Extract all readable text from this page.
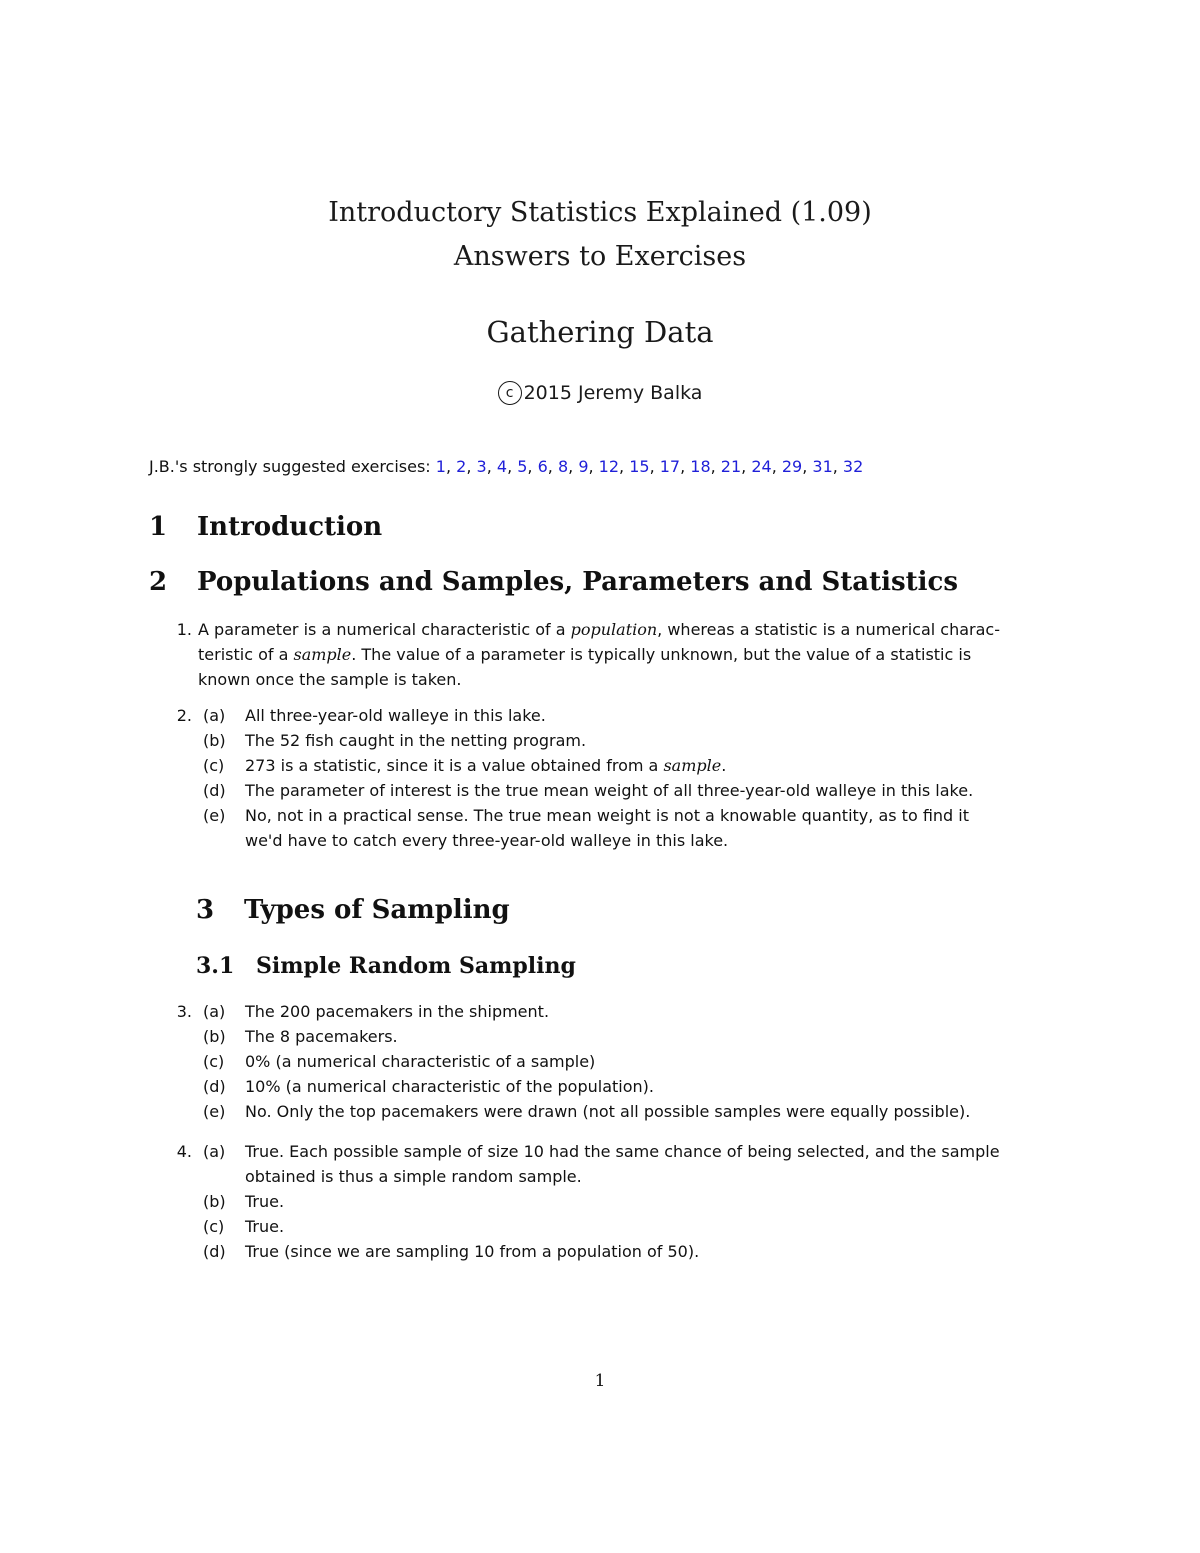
Introductory Statistics Explained (1.09)
Answers to Exercises
Gathering Data
c 2015 Jeremy Balka
J.B.'s strongly suggested exercises: 1, 2, 3, 4, 5, 6, 8, 9, 12, 15, 17, 18, 21, 24, 29, 31, 32
1 Introduction
2 Populations and Samples, Parameters and Statistics
1. A parameter is a numerical characteristic of a population, whereas a statistic is a numerical charac-
teristic of a sample. The value of a parameter is typically unknown, but the value of a statistic is
known once the sample is taken.
2. (a)	All three-year-old walleye in this lake.
(b)	The 52 fish caught in the netting program.
(c)	273 is a statistic, since it is a value obtained from a sample.
(d)	The parameter of interest is the true mean weight of all three-year-old walleye in this lake.
(e)	No, not in a practical sense. The true mean weight is not a knowable quantity, as to find it
we'd have to catch every three-year-old walleye in this lake.
3 Types of Sampling
3.1 Simple Random Sampling
3. (a)	The 200 pacemakers in the shipment.
(b)	The 8 pacemakers.
(c)	0% (a numerical characteristic of a sample)
(d)	10% (a numerical characteristic of the population).
(e)	No. Only the top pacemakers were drawn (not all possible samples were equally possible).
4. (a)	True. Each possible sample of size 10 had the same chance of being selected, and the sample
obtained is thus a simple random sample.
(b)	True.
(c)	True.
(d)	True (since we are sampling 10 from a population of 50).
1
